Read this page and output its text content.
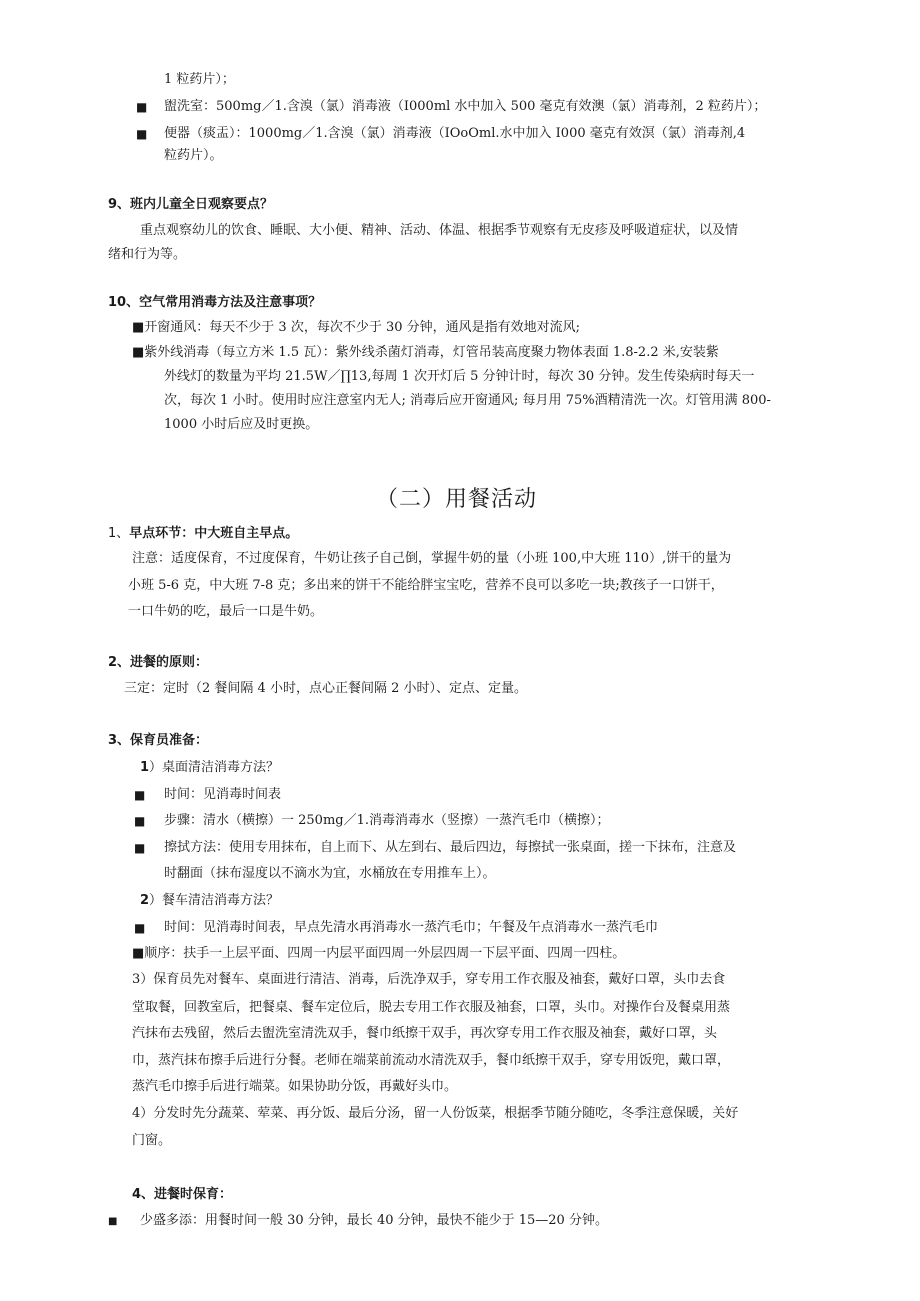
1 粒药片）；
■ 盥洗室：500mg／1.含溴（氯）消毒液（I000ml 水中加入 500 毫克有效澳（氯）消毒剂，2 粒药片）；
■ 便器（痰盂）：1000mg／1.含溴（氯）消毒液（IOoOml.水中加入 I000 毫克有效溟（氯）消毒剂,4
粒药片）。
9、班内儿童全日观察要点？
重点观察幼儿的饮食、睡眠、大小便、精神、活动、体温、根据季节观察有无皮疹及呼吸道症状，以及情
绪和行为等。
10、空气常用消毒方法及注意事项？
■开窗通风：每天不少于 3 次，每次不少于 30 分钟，通风是指有效地对流风;
■紫外线消毒（每立方米 1.5 瓦）：紫外线杀菌灯消毒，灯管吊装高度聚力物体表面 1.8-2.2 米,安装紫
外线灯的数量为平均 21.5W／∏13,每周 1 次开灯后 5 分钟计时，每次 30 分钟。发生传染病时每天一
次，每次 1 小时。使用时应注意室内无人; 消毒后应开窗通风; 每月用 75%酒精清洗一次。灯管用满 800-
1000 小时后应及时更换。
（二）用餐活动
1、早点环节：中大班自主早点。
注意：适度保育，不过度保育，牛奶让孩子自己倒，掌握牛奶的量（小班 100,中大班 110）,饼干的量为
小班 5-6 克，中大班 7-8 克；多出来的饼干不能给胖宝宝吃，营养不良可以多吃一块;教孩子一口饼干，
一口牛奶的吃，最后一口是牛奶。
2、进餐的原则：
三定：定时（2 餐间隔 4 小时，点心正餐间隔 2 小时）、定点、定量。
3、保育员准备：
1）桌面清洁消毒方法？
■ 时间：见消毒时间表
■ 步骤：清水（横擦）一 250mg／1.消毒消毒水（竖擦）一蒸汽毛巾（横擦）；
■ 擦拭方法：使用专用抹布，自上而下、从左到右、最后四边，每擦拭一张桌面，搓一下抹布，注意及
时翻面（抹布湿度以不滴水为宜，水桶放在专用推车上）。
2）餐车清洁消毒方法？
■ 时间：见消毒时间表，早点先清水再消毒水一蒸汽毛巾；午餐及午点消毒水一蒸汽毛巾
■顺序：扶手一上层平面、四周一内层平面四周一外层四周一下层平面、四周一四柱。
3）保育员先对餐车、桌面进行清洁、消毒，后洗净双手，穿专用工作衣服及袖套，戴好口罩，头巾去食
堂取餐，回教室后，把餐桌、餐车定位后，脱去专用工作衣服及袖套，口罩，头巾。对操作台及餐桌用蒸
汽抹布去残留，然后去盥洗室清洗双手，餐巾纸擦干双手，再次穿专用工作衣服及袖套，戴好口罩，头
巾，蒸汽抹布擦手后进行分餐。老师在端菜前流动水清洗双手，餐巾纸擦干双手，穿专用饭兜，戴口罩，
蒸汽毛巾擦手后进行端菜。如果协助分饭，再戴好头巾。
4）分发时先分蔬菜、荤菜、再分饭、最后分汤，留一人份饭菜，根据季节随分随吃，冬季注意保暖，关好
门窗。
4、进餐时保育：
■ 少盛多添：用餐时间一般 30 分钟，最长 40 分钟，最快不能少于 15—20 分钟。
